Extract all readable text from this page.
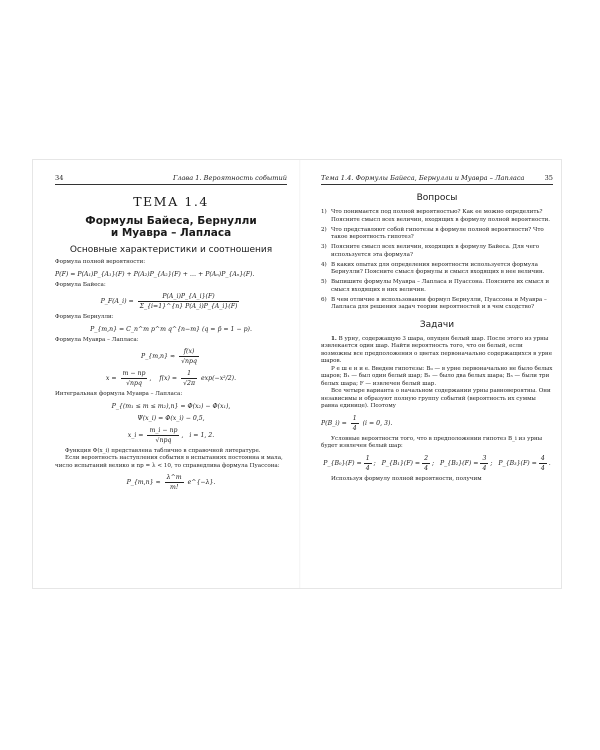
34	Глава 1. Вероятность событий
ТЕМА 1.4
Формулы Байеса, Бернулли
и Муавра – Лапласа
Основные характеристики и соотношения
Формула полной вероятности:
P(F) = P(A₁)P_{A₁}(F) + P(A₂)P_{A₂}(F) + … + P(Aₙ)P_{Aₙ}(F).
Формула Байеса:
P_F(A_i) = $\frac{P(A\_i)P\_\{A\_i\}(F)}{\Sigma\_\{i=1\}\^{}\{n\} P(A\_i)P\_\{A\_i\}(F)}$
Формула Бернулли:
P_{m,n} = C_n^m p^m q^{n−m} (q = p̄ = 1 − p).
Формула Муавра – Лапласа:
P_{m,n} ≈ $\frac{f(x)}{\text{√npq}}$
$x = \frac{m - np}{\text{√npq}}$ ,    $f(x) = \frac{1}{√2\pi} \exp(-x^2/2)$.
Интегральная формула Муавра – Лапласа:
P_{(m₁ ≤ m ≤ m₂),n} = Φ(x₂) − Φ(x₁),
Ψ(x_i) = Φ(x_i) − 0,5,
x_i = $\frac{m\_i - np}{\text{√npq}}$ ,   i = 1, 2.

Функция Φ(x_i) представлена таблично в справочной литературе.

Если вероятность наступления события в испытаниях постоянна и мала, число испытаний велико и np = λ < 10, то справедлива формула Пуассона:

P_{m,n} ≈ $\frac{\lambda\^{}m}{m!}$ e^{−λ}.
Тема 1.4. Формулы Байеса, Бернулли и Муавра – Лапласа	35
Вопросы
1) Что понимается под полной вероятностью? Как ее можно определить? Поясните смысл всех величин, входящих в формулу полной вероятности.
2) Что представляют собой гипотезы в формуле полной вероятности? Что такое вероятность гипотез?
3) Поясните смысл всех величин, входящих в формулу Байеса. Для чего используется эта формула?
4) В каких опытах для определения вероятности используется формула Бернулли? Поясните смысл формулы и смысл входящих в нее величин.
5) Выпишите формулы Муавра – Лапласа и Пуассона. Поясните их смысл и смысл входящих в них величин.
6) В чем отличие в использовании формул Бернулли, Пуассона и Муавра – Лапласа для решения задач теории вероятностей и в чем сходство?
Задачи

1. В урну, содержащую 3 шара, опущен белый шар. После этого из урны извлекается один шар. Найти вероятность того, что он белый, если возможны все предположения о цветах первоначально содержащихся в урне шаров.

Р е ш е н и е. Введем гипотезы: B₀ — в урне первоначально не было белых шаров; B₁ — был один белый шар; B₂ — было два белых шара; B₃ — были три белых шара; F — извлечен белый шар.

Все четыре варианта о начальном содержании урны равновероятны. Они независимы и образуют полную группу событий (вероятность их суммы равна единице). Поэтому

P(B_i) = $\frac{1}{4} (i = 0$, 3).

Условные вероятности того, что в предположении гипотез B_i из урны будет извлечен белый шар:

P_{B₀}(F) = $\frac{1}{4}$ ; P_{B₁}(F) = $\frac{2}{4}$ ; P_{B₂}(F) = $\frac{3}{4}$ ; P_{B₃}(F) = $\frac{4}{4}$ .

Используя формулу полной вероятности, получим
